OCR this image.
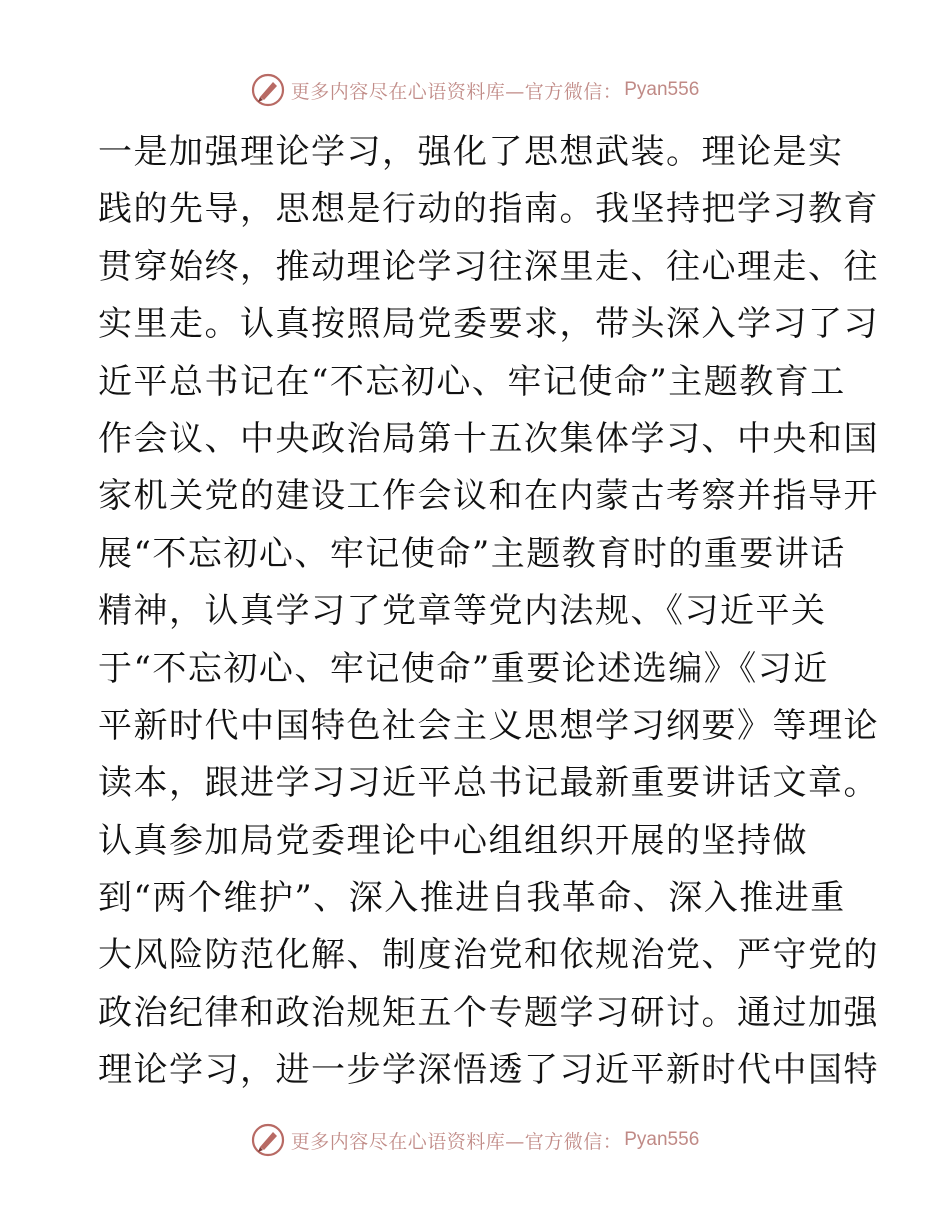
更多内容尽在心语资料库—官方微信： Pyan556
一是加强理论学习，强化了思想武装。理论是实
践的先导，思想是行动的指南。我坚持把学习教育
贯穿始终，推动理论学习往深里走、往心理走、往
实里走。认真按照局党委要求，带头深入学习了习
近平总书记在“不忘初心、牢记使命”主题教育工
作会议、中央政治局第十五次集体学习、中央和国
家机关党的建设工作会议和在内蒙古考察并指导开
展“不忘初心、牢记使命”主题教育时的重要讲话
精神，认真学习了党章等党内法规、《习近平关
于“不忘初心、牢记使命”重要论述选编》《习近
平新时代中国特色社会主义思想学习纲要》等理论
读本，跟进学习习近平总书记最新重要讲话文章。
认真参加局党委理论中心组组织开展的坚持做
到“两个维护”、深入推进自我革命、深入推进重
大风险防范化解、制度治党和依规治党、严守党的
政治纪律和政治规矩五个专题学习研讨。通过加强
理论学习，进一步学深悟透了习近平新时代中国特
更多内容尽在心语资料库—官方微信： Pyan556
